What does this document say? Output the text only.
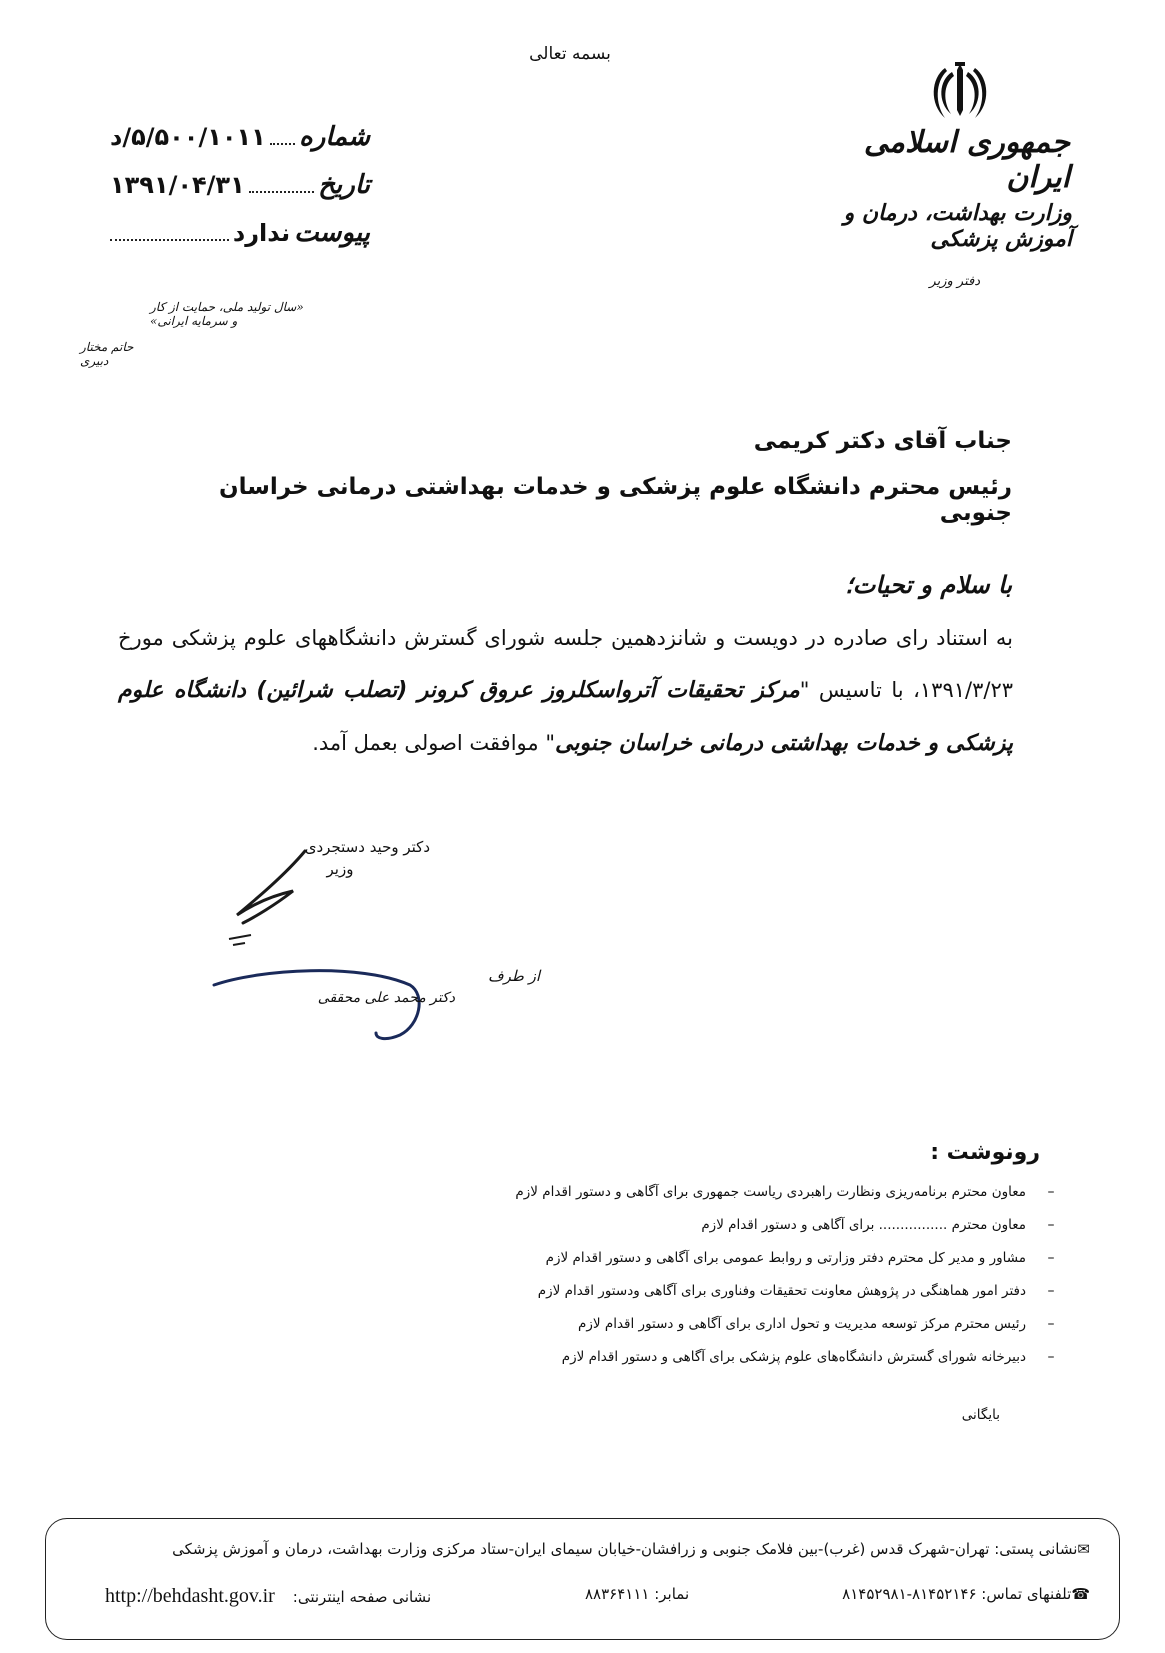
بسمه تعالی
جمهوری اسلامی ایران
وزارت بهداشت، درمان و آموزش پزشکی
دفتر وزیر
شماره
۵/۵۰۰/۱۰۱۱/د
تاریخ
۱۳۹۱/۰۴/۳۱
پیوست
ندارد
«سال تولید ملی، حمایت از کار و سرمایه ایرانی»
حاتم مختار دبیری
جناب آقای دکتر کریمی
رئیس محترم دانشگاه علوم پزشکی و خدمات بهداشتی درمانی خراسان جنوبی
با سلام و تحیات؛
به استناد رای صادره در دویست و شانزدهمین جلسه شورای گسترش دانشگاههای علوم پزشکی مورخ ۱۳۹۱/۳/۲۳، با تاسیس "مرکز تحقیقات آترواسکلروز عروق کرونر (تصلب شرائین) دانشگاه علوم پزشکی و خدمات بهداشتی درمانی خراسان جنوبی" موافقت اصولی بعمل آمد.
دکتر وحید دستجردی
وزیر
از طرف
دکتر محمد علی محققی
رونوشت :
–
معاون محترم برنامه‌ریزی ونظارت راهبردی ریاست جمهوری برای آگاهی و دستور اقدام لازم
–
معاون محترم ................ برای آگاهی و دستور اقدام لازم
–
مشاور و مدیر کل محترم دفتر وزارتی و روابط عمومی برای آگاهی و دستور اقدام لازم
–
دفتر امور هماهنگی در پژوهش معاونت تحقیقات وفناوری برای آگاهی ودستور اقدام لازم
–
رئیس محترم مرکز توسعه مدیریت و تحول اداری برای آگاهی و دستور اقدام لازم
–
دبیرخانه شورای گسترش دانشگاه‌های علوم پزشکی برای آگاهی و دستور اقدام لازم
بایگانی
✉نشانی پستی: تهران-شهرک قدس (غرب)-بین فلامک جنوبی و زرافشان-خیابان سیمای ایران-ستاد مرکزی وزارت بهداشت، درمان و آموزش پزشکی
☎تلفنهای تماس: ۸۱۴۵۲۱۴۶-۸۱۴۵۲۹۸۱
نمابر: ۸۸۳۶۴۱۱۱
http://behdasht.gov.ir نشانی صفحه اینترنتی:
